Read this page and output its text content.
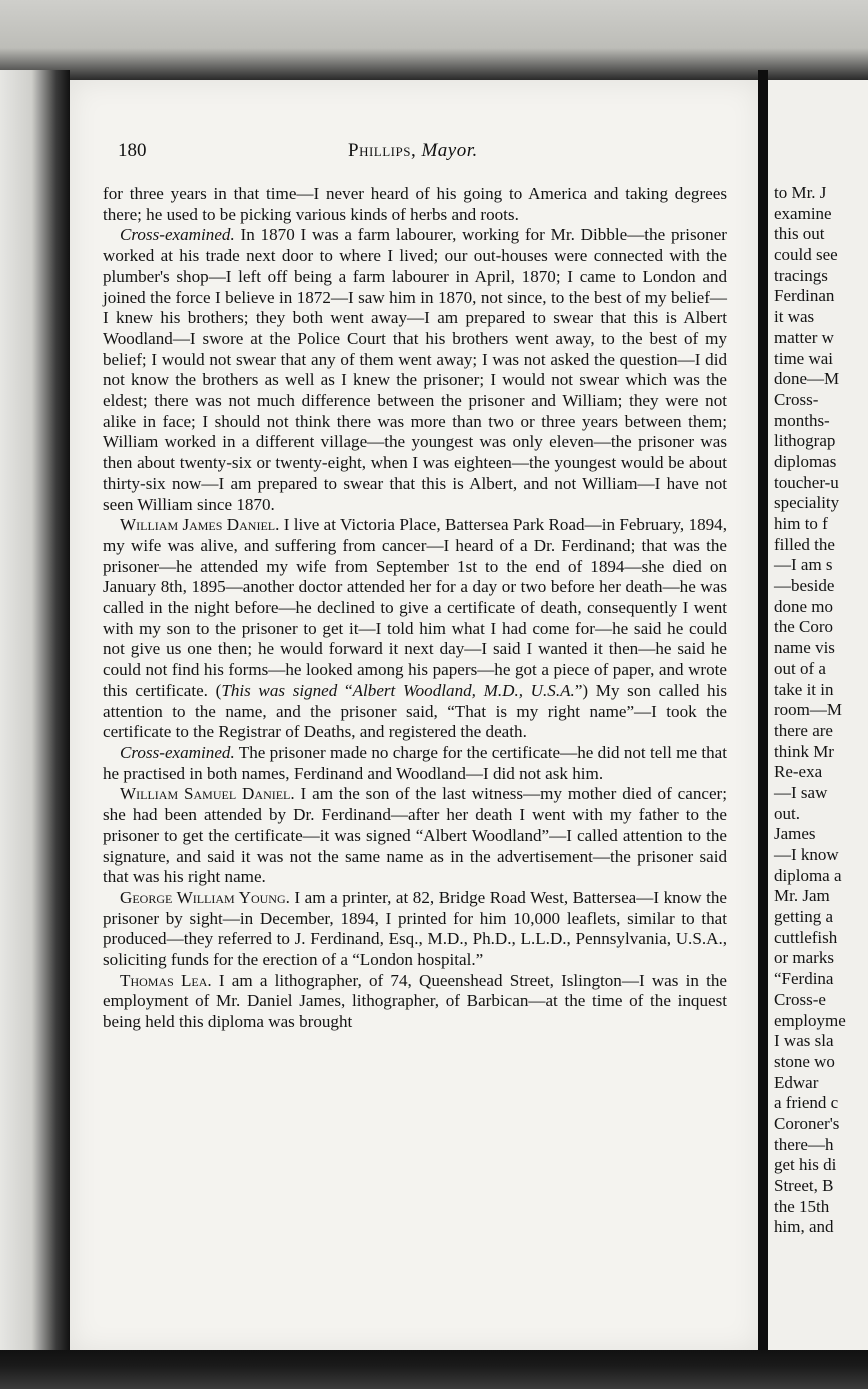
to Mr. J
examine
this out
could see
tracings
Ferdinan
it was
matter w
time wai
done—M
Cross-
months-
lithograp
diplomas
toucher-u
speciality
him to f
filled the
—I am s
—beside
done mo
the Coro
name vis
out of a
take it in
room—M
there are
think Mr
Re-exa
—I saw
out.
James
—I know
diploma a
Mr. Jam
getting a
cuttlefish
or marks
“Ferdina
Cross-e
employme
I was sla
stone wo
Edwar
a friend c
Coroner's
there—h
get his di
Street, B
the 15th
him, and
180	Phillips, Mayor.

for three years in that time—I never heard of his going to America and taking degrees there; he used to be picking various kinds of herbs and roots.

Cross-examined. In 1870 I was a farm labourer, working for Mr. Dibble—the prisoner worked at his trade next door to where I lived; our out-houses were connected with the plumber's shop—I left off being a farm labourer in April, 1870; I came to London and joined the force I believe in 1872—I saw him in 1870, not since, to the best of my belief—I knew his brothers; they both went away—I am prepared to swear that this is Albert Woodland—I swore at the Police Court that his brothers went away, to the best of my belief; I would not swear that any of them went away; I was not asked the question—I did not know the brothers as well as I knew the prisoner; I would not swear which was the eldest; there was not much difference between the prisoner and William; they were not alike in face; I should not think there was more than two or three years between them; William worked in a different village—the youngest was only eleven—the prisoner was then about twenty-six or twenty-eight, when I was eighteen—the youngest would be about thirty-six now—I am prepared to swear that this is Albert, and not William—I have not seen William since 1870.

William James Daniel. I live at Victoria Place, Battersea Park Road—in February, 1894, my wife was alive, and suffering from cancer—I heard of a Dr. Ferdinand; that was the prisoner—he attended my wife from September 1st to the end of 1894—she died on January 8th, 1895—another doctor attended her for a day or two before her death—he was called in the night before—he declined to give a certificate of death, consequently I went with my son to the prisoner to get it—I told him what I had come for—he said he could not give us one then; he would forward it next day—I said I wanted it then—he said he could not find his forms—he looked among his papers—he got a piece of paper, and wrote this certificate. (This was signed “Albert Woodland, M.D., U.S.A.”) My son called his attention to the name, and the prisoner said, “That is my right name”—I took the certificate to the Registrar of Deaths, and registered the death.

Cross-examined. The prisoner made no charge for the certificate—he did not tell me that he practised in both names, Ferdinand and Woodland—I did not ask him.

William Samuel Daniel. I am the son of the last witness—my mother died of cancer; she had been attended by Dr. Ferdinand—after her death I went with my father to the prisoner to get the certificate—it was signed “Albert Woodland”—I called attention to the signature, and said it was not the same name as in the advertisement—the prisoner said that was his right name.

George William Young. I am a printer, at 82, Bridge Road West, Battersea—I know the prisoner by sight—in December, 1894, I printed for him 10,000 leaflets, similar to that produced—they referred to J. Ferdinand, Esq., M.D., Ph.D., L.L.D., Pennsylvania, U.S.A., soliciting funds for the erection of a “London hospital.”

Thomas Lea. I am a lithographer, of 74, Queenshead Street, Islington—I was in the employment of Mr. Daniel James, lithographer, of Barbican—at the time of the inquest being held this diploma was brought
